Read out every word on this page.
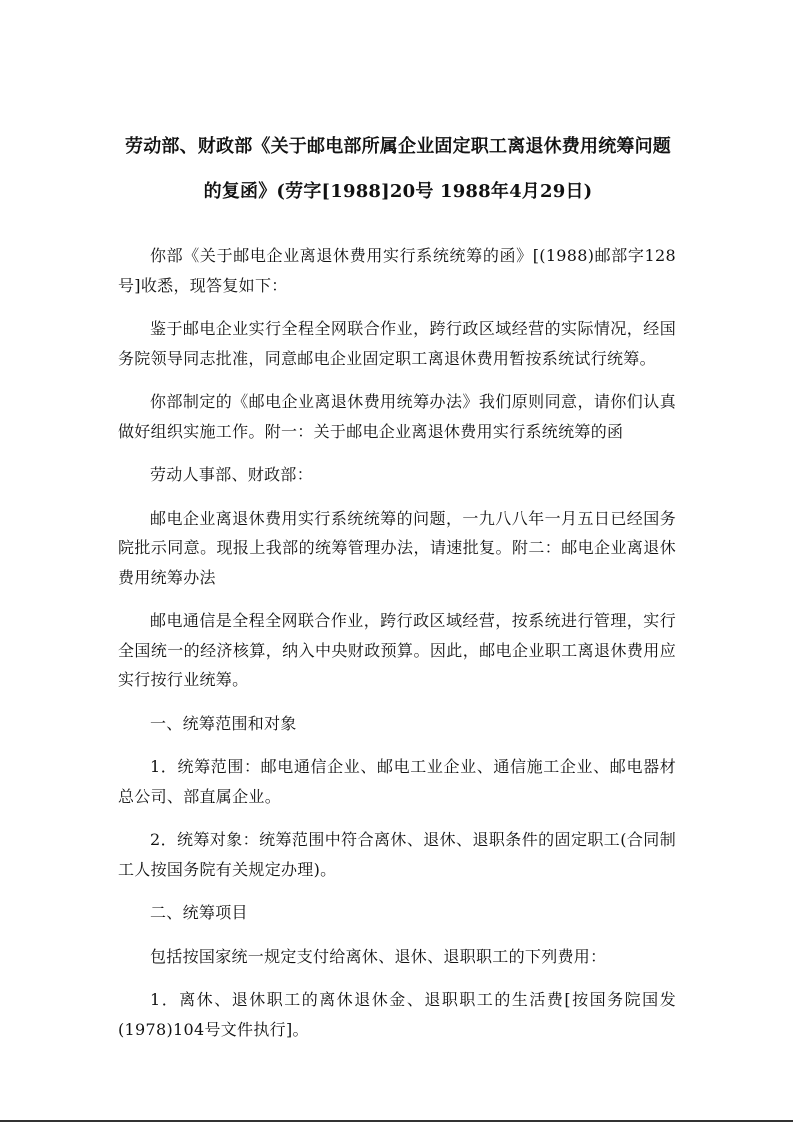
劳动部、财政部《关于邮电部所属企业固定职工离退休费用统筹问题的复函》(劳字[1988]20号 1988年4月29日)

你部《关于邮电企业离退休费用实行系统统筹的函》[(1988)邮部字128号]收悉，现答复如下：

鉴于邮电企业实行全程全网联合作业，跨行政区域经营的实际情况，经国务院领导同志批准，同意邮电企业固定职工离退休费用暂按系统试行统筹。

你部制定的《邮电企业离退休费用统筹办法》我们原则同意，请你们认真做好组织实施工作。附一：关于邮电企业离退休费用实行系统统筹的函

劳动人事部、财政部：

邮电企业离退休费用实行系统统筹的问题，一九八八年一月五日已经国务院批示同意。现报上我部的统筹管理办法，请速批复。附二：邮电企业离退休费用统筹办法

邮电通信是全程全网联合作业，跨行政区域经营，按系统进行管理，实行全国统一的经济核算，纳入中央财政预算。因此，邮电企业职工离退休费用应实行按行业统筹。

一、统筹范围和对象

1．统筹范围：邮电通信企业、邮电工业企业、通信施工企业、邮电器材总公司、部直属企业。

2．统筹对象：统筹范围中符合离休、退休、退职条件的固定职工(合同制工人按国务院有关规定办理)。

二、统筹项目

包括按国家统一规定支付给离休、退休、退职职工的下列费用：

1．离休、退休职工的离休退休金、退职职工的生活费[按国务院国发(1978)104号文件执行]。
